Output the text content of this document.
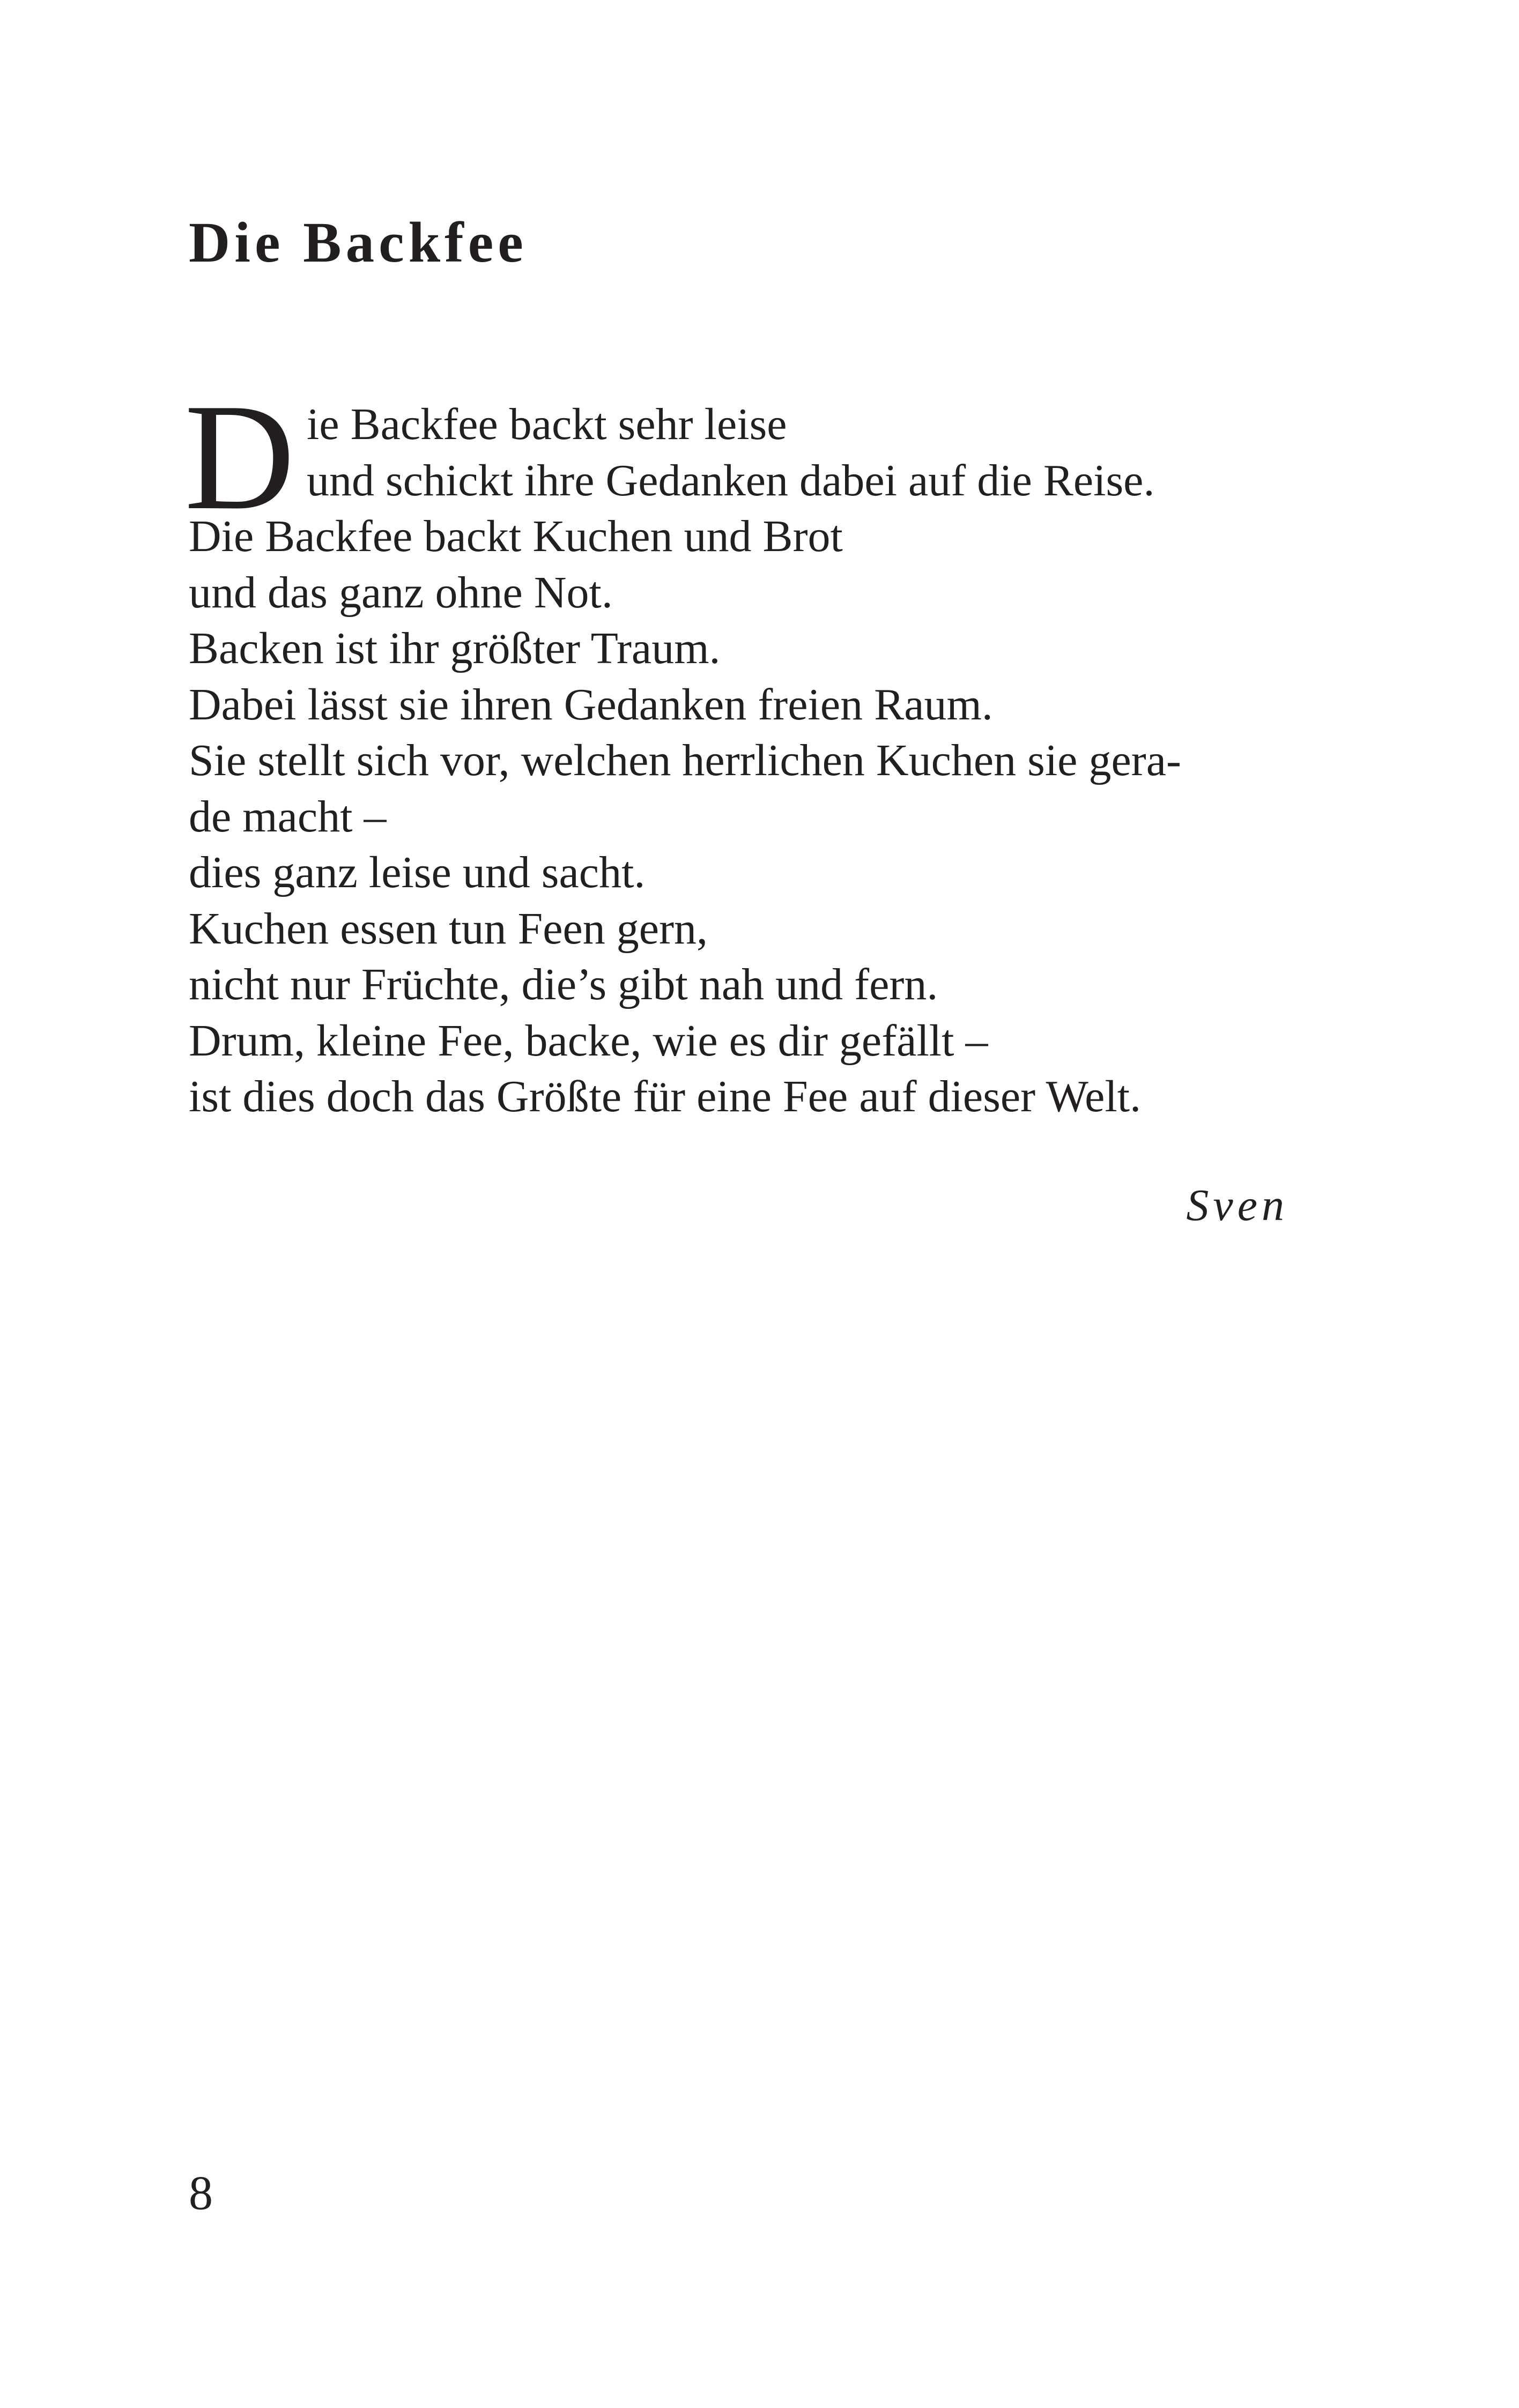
Die Backfee
D ie Backfee backt sehr leise
und schickt ihre Gedanken dabei auf die Reise.
Die Backfee backt Kuchen und Brot
und das ganz ohne Not.
Backen ist ihr größter Traum.
Dabei lässt sie ihren Gedanken freien Raum.
Sie stellt sich vor, welchen herrlichen Kuchen sie gera-
de macht –
dies ganz leise und sacht.
Kuchen essen tun Feen gern,
nicht nur Früchte, die’s gibt nah und fern.
Drum, kleine Fee, backe, wie es dir gefällt –
ist dies doch das Größte für eine Fee auf dieser Welt.
Sven
8
